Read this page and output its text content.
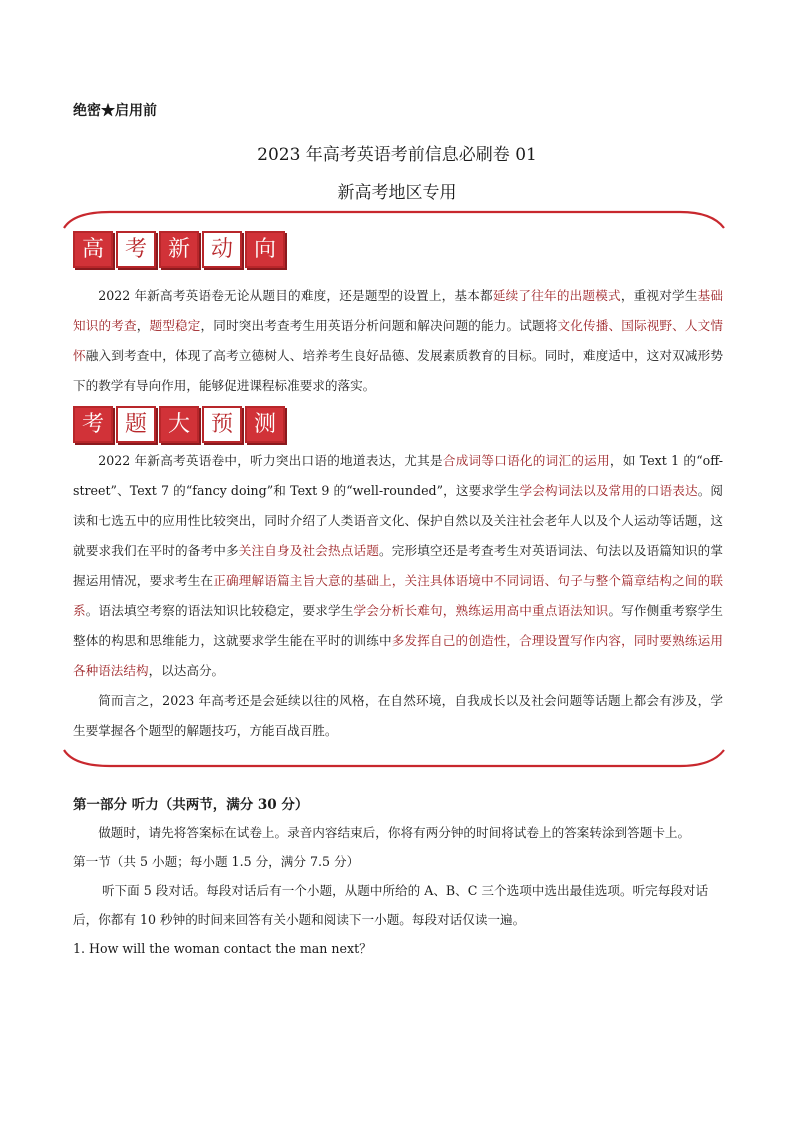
绝密★启用前
2023 年高考英语考前信息必刷卷 01
新高考地区专用
高 考 新 动 向

2022 年新高考英语卷无论从题目的难度，还是题型的设置上，基本都延续了往年的出题模式，重视对学生基础知识的考查，题型稳定，同时突出考查考生用英语分析问题和解决问题的能力。试题将文化传播、国际视野、人文情怀融入到考查中，体现了高考立德树人、培养考生良好品德、发展素质教育的目标。同时，难度适中，这对双减形势下的教学有导向作用，能够促进课程标准要求的落实。

考 题 大 预 测

2022 年新高考英语卷中，听力突出口语的地道表达，尤其是合成词等口语化的词汇的运用，如 Text 1 的“off-street”、Text 7 的“fancy doing”和 Text 9 的“well-rounded”，这要求学生学会构词法以及常用的口语表达。阅读和七选五中的应用性比较突出，同时介绍了人类语音文化、保护自然以及关注社会老年人以及个人运动等话题，这就要求我们在平时的备考中多关注自身及社会热点话题。完形填空还是考查考生对英语词法、句法以及语篇知识的掌握运用情况，要求考生在正确理解语篇主旨大意的基础上，关注具体语境中不同词语、句子与整个篇章结构之间的联系。语法填空考察的语法知识比较稳定，要求学生学会分析长难句，熟练运用高中重点语法知识。写作侧重考察学生整体的构思和思维能力，这就要求学生能在平时的训练中多发挥自己的创造性，合理设置写作内容，同时要熟练运用各种语法结构，以达高分。

简而言之，2023 年高考还是会延续以往的风格，在自然环境，自我成长以及社会问题等话题上都会有涉及，学生要掌握各个题型的解题技巧，方能百战百胜。

第一部分 听力（共两节，满分 30 分）

做题时，请先将答案标在试卷上。录音内容结束后，你将有两分钟的时间将试卷上的答案转涂到答题卡上。

第一节（共 5 小题；每小题 1.5 分，满分 7.5 分）

听下面 5 段对话。每段对话后有一个小题，从题中所给的 A、B、C 三个选项中选出最佳选项。听完每段对话后，你都有 10 秒钟的时间来回答有关小题和阅读下一小题。每段对话仅读一遍。

1. How will the woman contact the man next？
